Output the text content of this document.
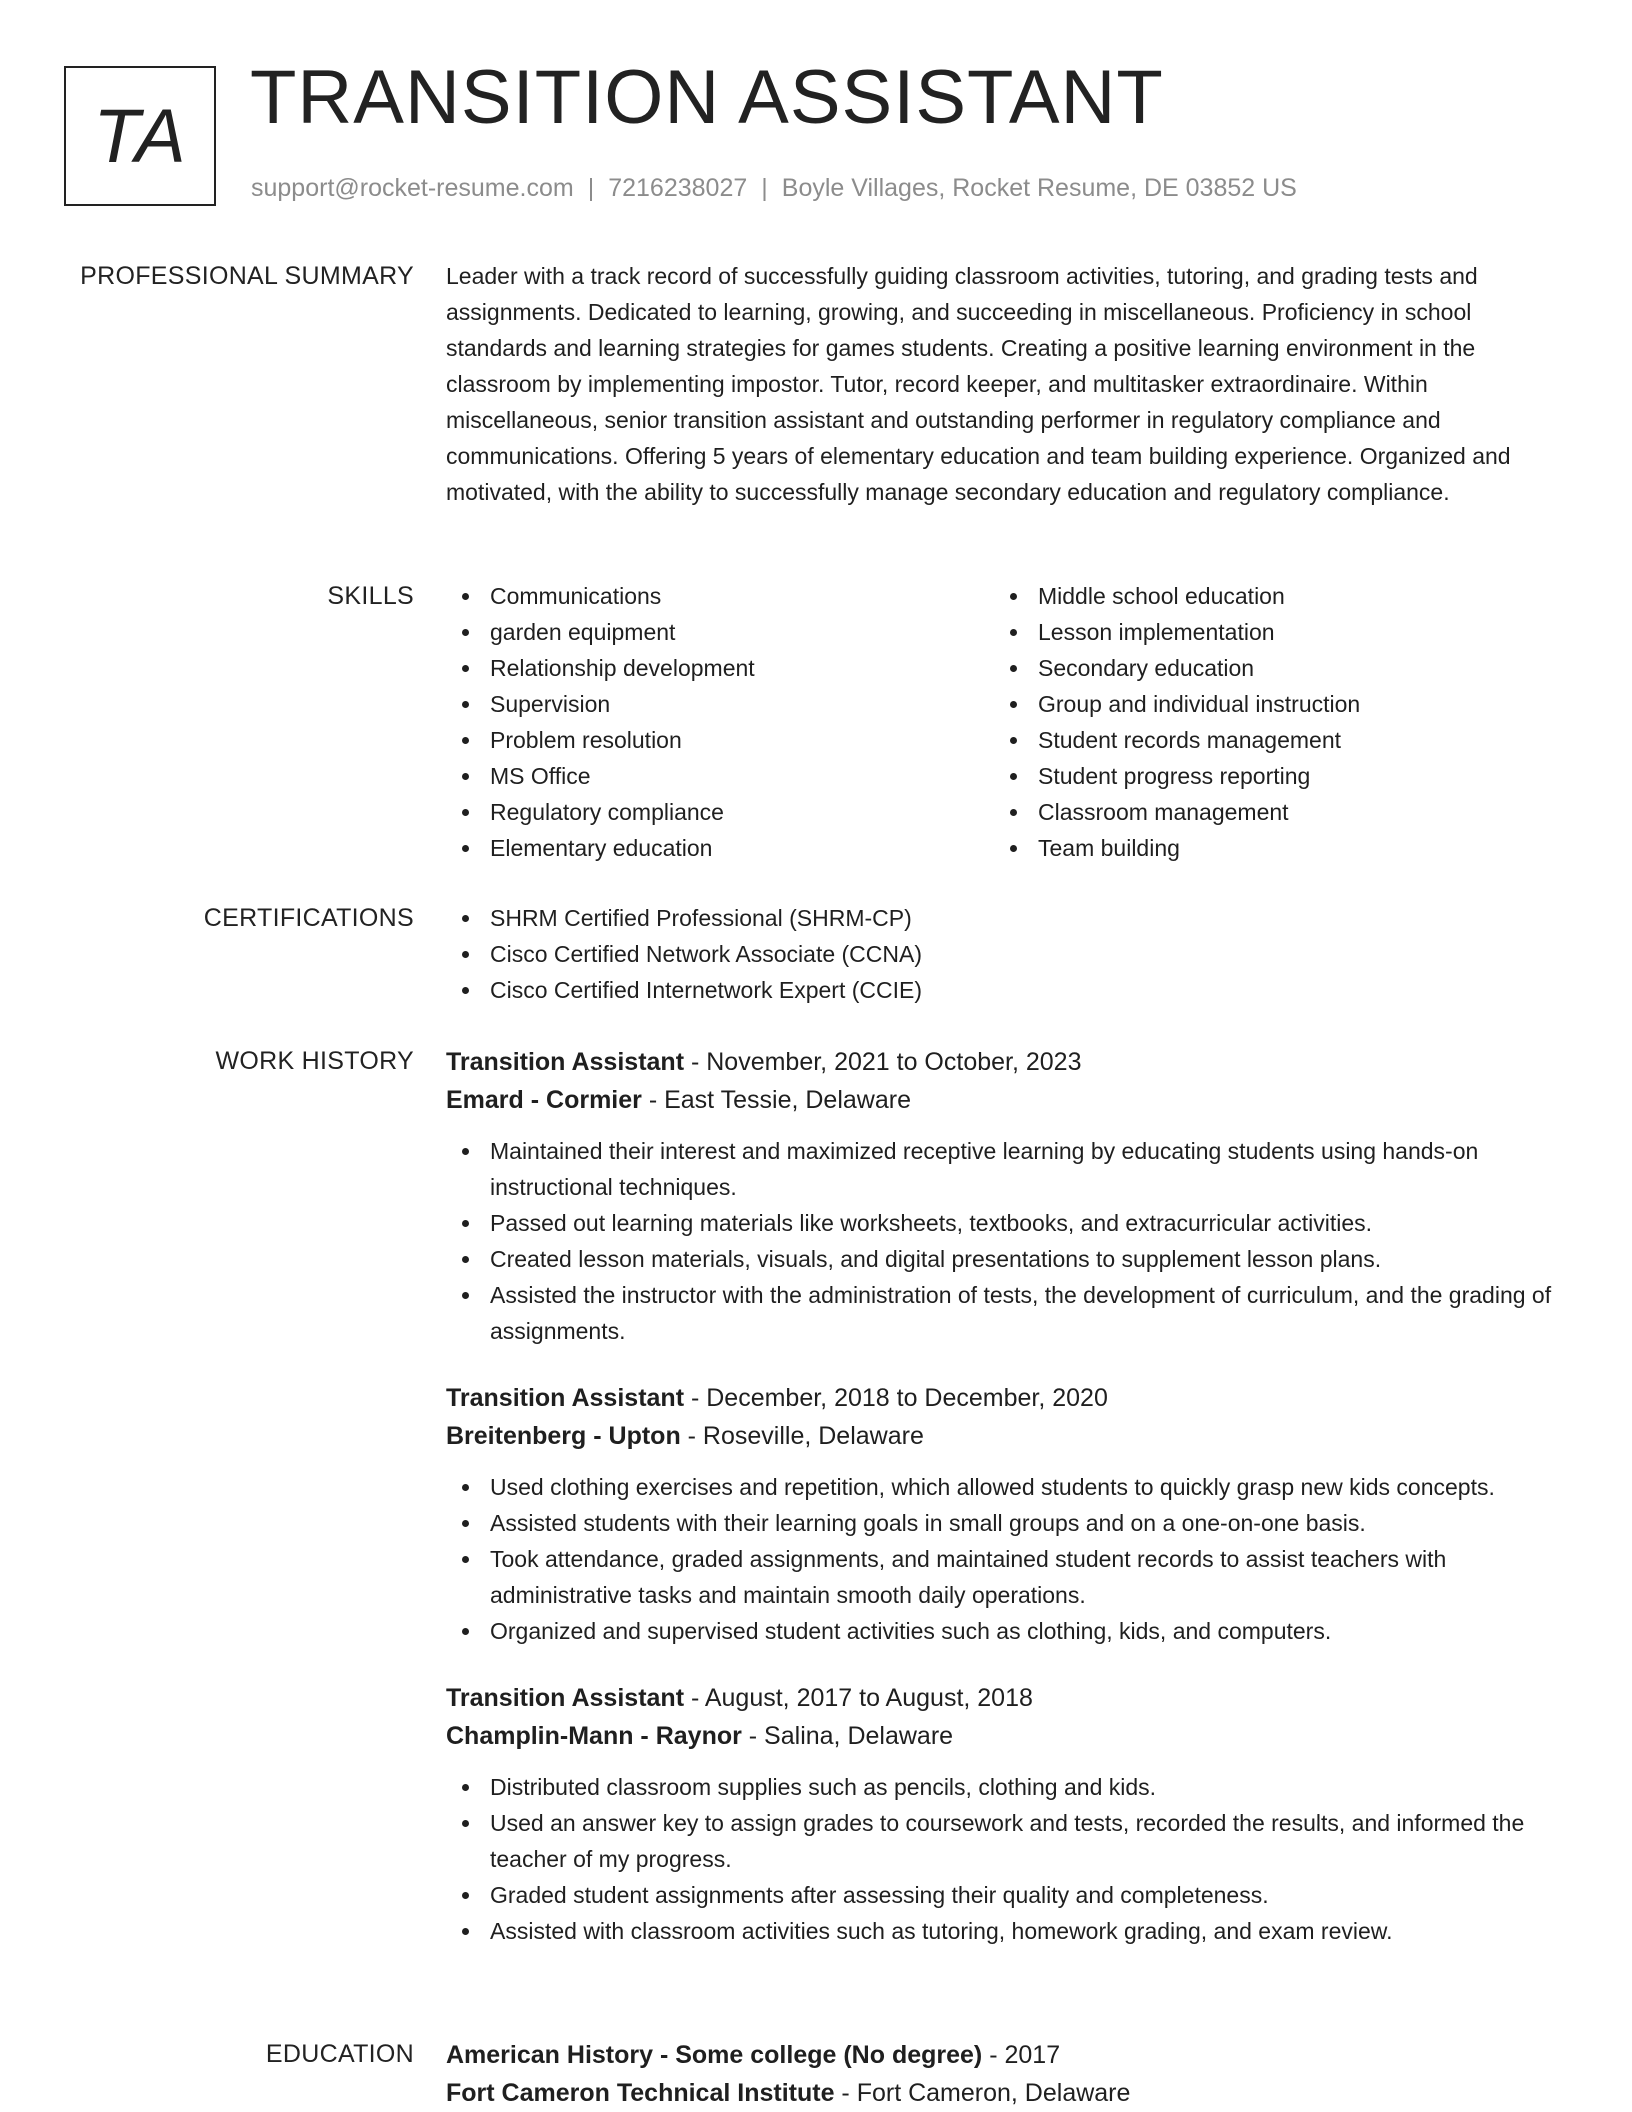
TA TRANSITION ASSISTANT
support@rocket-resume.com | 7216238027 | Boyle Villages, Rocket Resume, DE 03852 US
PROFESSIONAL SUMMARY Leader with a track record of successfully guiding classroom activities, tutoring, and grading tests and assignments. Dedicated to learning, growing, and succeeding in miscellaneous. Proficiency in school standards and learning strategies for games students. Creating a positive learning environment in the classroom by implementing impostor. Tutor, record keeper, and multitasker extraordinaire. Within miscellaneous, senior transition assistant and outstanding performer in regulatory compliance and communications. Offering 5 years of elementary education and team building experience. Organized and motivated, with the ability to successfully manage secondary education and regulatory compliance.

SKILLS	Communications
garden equipment
Relationship development
Supervision
Problem resolution
MS Office
Regulatory compliance
Elementary education
Middle school education
Lesson implementation
Secondary education
Group and individual instruction
Student records management
Student progress reporting
Classroom management
Team building
CERTIFICATIONS	SHRM Certified Professional (SHRM-CP)
Cisco Certified Network Associate (CCNA)
Cisco Certified Internetwork Expert (CCIE)
WORK HISTORY Transition Assistant - November, 2021 to October, 2023
Emard - Cormier - East Tessie, Delaware
Maintained their interest and maximized receptive learning by educating students using hands-on instructional techniques.
Passed out learning materials like worksheets, textbooks, and extracurricular activities.
Created lesson materials, visuals, and digital presentations to supplement lesson plans.
Assisted the instructor with the administration of tests, the development of curriculum, and the grading of assignments.
Transition Assistant - December, 2018 to December, 2020
Breitenberg - Upton - Roseville, Delaware
Used clothing exercises and repetition, which allowed students to quickly grasp new kids concepts.
Assisted students with their learning goals in small groups and on a one-on-one basis.
Took attendance, graded assignments, and maintained student records to assist teachers with administrative tasks and maintain smooth daily operations.
Organized and supervised student activities such as clothing, kids, and computers.
Transition Assistant - August, 2017 to August, 2018
Champlin-Mann - Raynor - Salina, Delaware
Distributed classroom supplies such as pencils, clothing and kids.
Used an answer key to assign grades to coursework and tests, recorded the results, and informed the teacher of my progress.
Graded student assignments after assessing their quality and completeness.
Assisted with classroom activities such as tutoring, homework grading, and exam review.
EDUCATION American History - Some college (No degree) - 2017
Fort Cameron Technical Institute - Fort Cameron, Delaware
